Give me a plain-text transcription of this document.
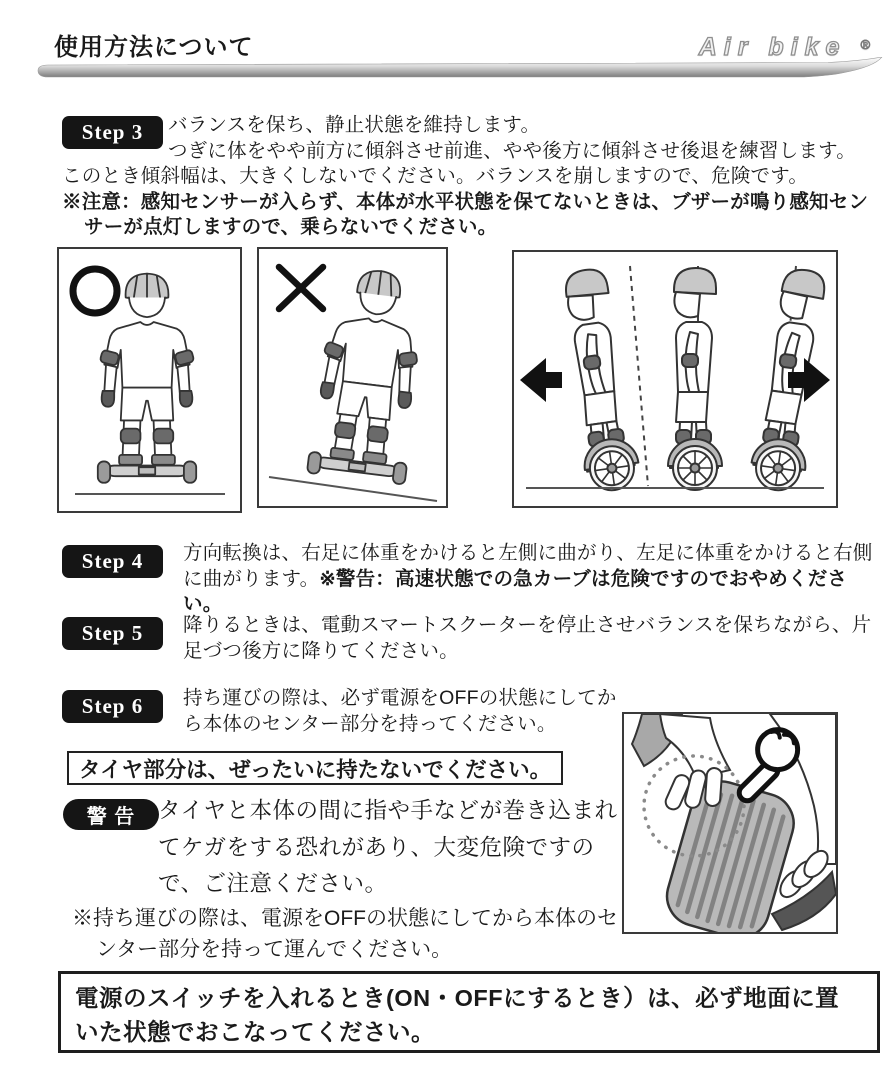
使用方法について	Air bike ®
Step 3 バランスを保ち、静止状態を維持します。
つぎに体をやや前方に傾斜させ前進、やや後方に傾斜させ後退を練習します。
このとき傾斜幅は、大きくしないでください。バランスを崩しますので、危険です。
※注意：感知センサーが入らず、本体が水平状態を保てないときは、ブザーが鳴り感知センサーが点灯しますので、乗らないでください。
Step 4 方向転換は、右足に体重をかけると左側に曲がり、左足に体重をかけると右側に曲がります。※警告：高速状態での急カーブは危険ですのでおやめください。
Step 5 降りるときは、電動スマートスクーターを停止させバランスを保ちながら、片足づつ後方に降りてください。
Step 6 持ち運びの際は、必ず電源をOFFの状態にしてから本体のセンター部分を持ってください。
タイヤ部分は、ぜったいに持たないでください。
警 告	タイヤと本体の間に指や手などが巻き込まれてケガをする恐れがあり、大変危険ですので、ご注意ください。
※持ち運びの際は、電源をOFFの状態にしてから本体のセンター部分を持って運んでください。
電源のスイッチを入れるとき(ON・OFFにするとき）は、必ず地面に置いた状態でおこなってください。
